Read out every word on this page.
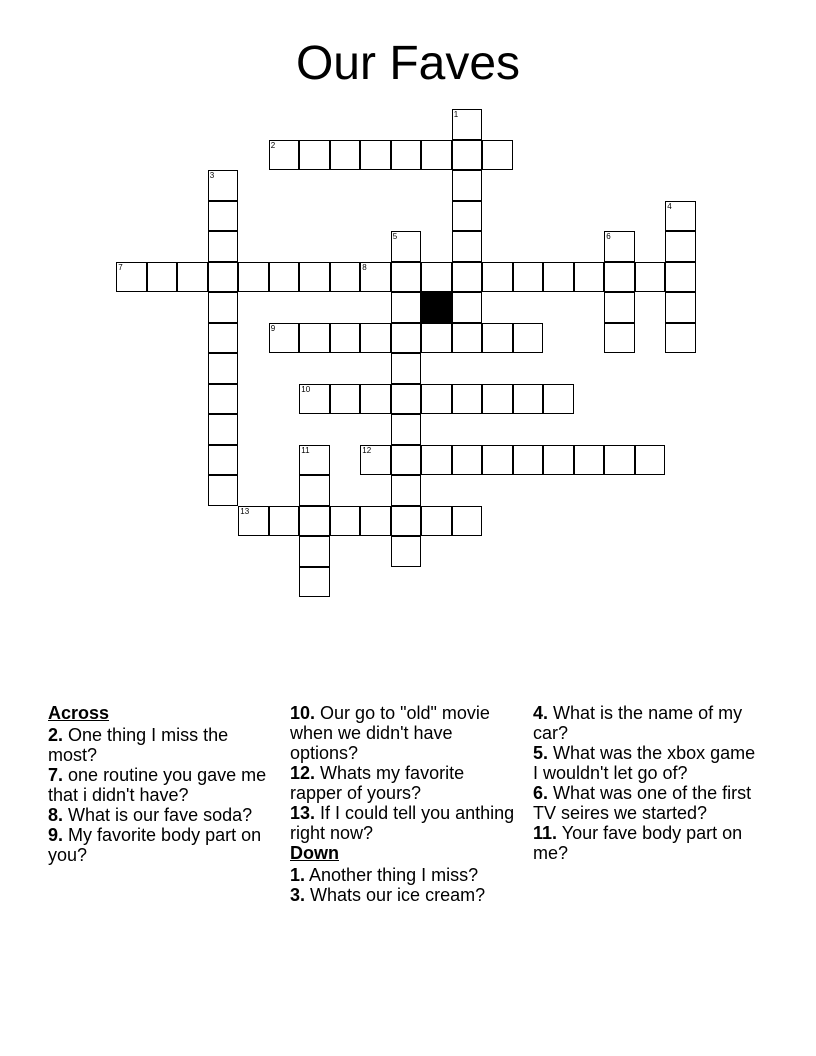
Our Faves
1
2
3
4
5	6
7	8
9
10
11	12
13
Across
2. One thing I miss the most?
7. one routine you gave me that i didn't have?
8. What is our fave soda?
9. My favorite body part on you?
10. Our go to "old" movie when we didn't have options?
12. Whats my favorite rapper of yours?
13. If I could tell you anthing right now?
Down
1. Another thing I miss?
3. Whats our ice cream?
4. What is the name of my car?
5. What was the xbox game I wouldn't let go of?
6. What was one of the first TV seires we started?
11. Your fave body part on me?
